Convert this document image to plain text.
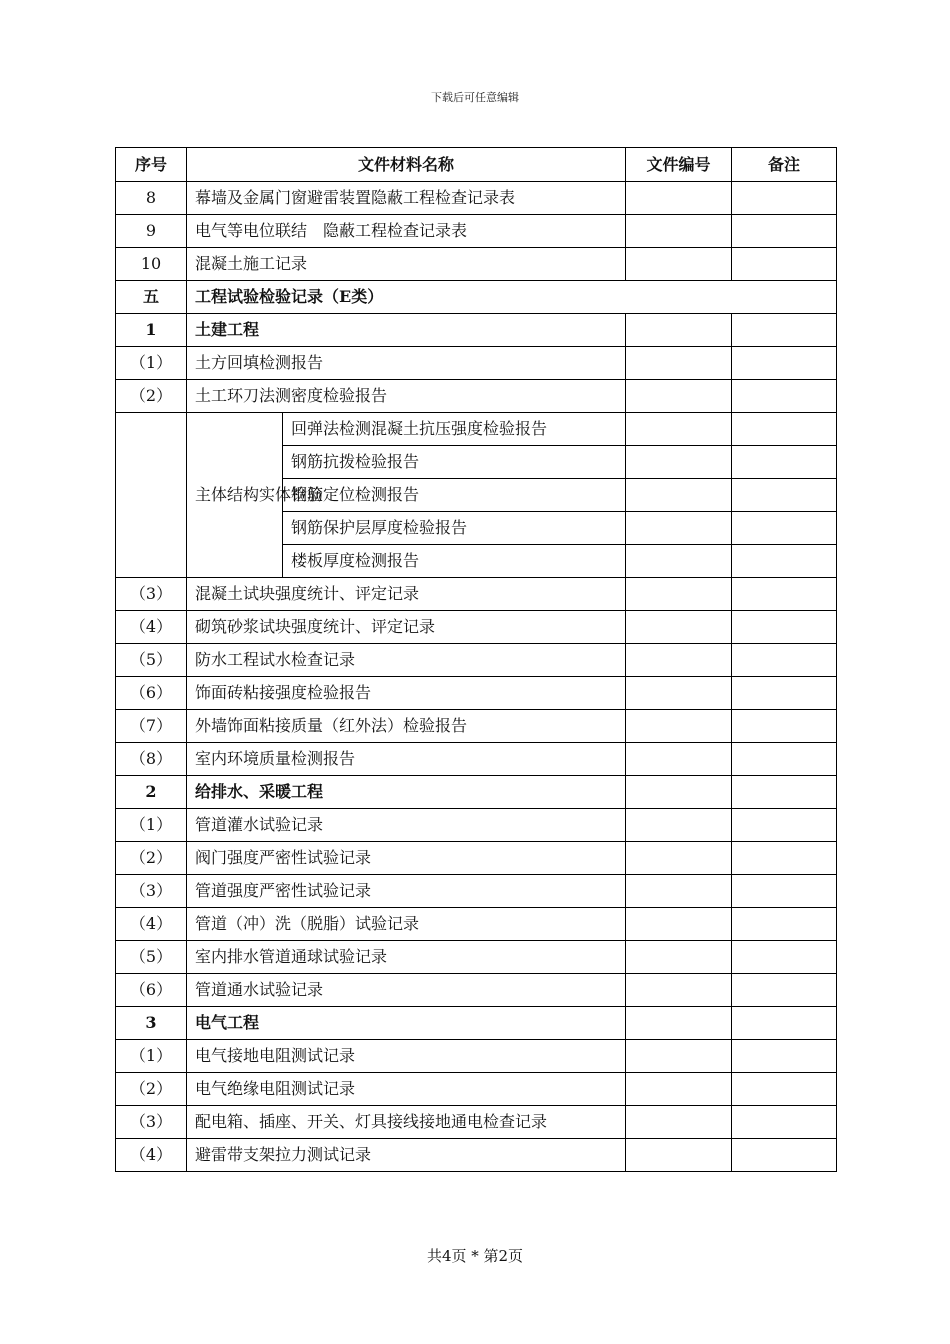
下载后可任意编辑
序号	文件材料名称		文件编号	备注
8	幕墙及金属门窗避雷装置隐蔽工程检查记录表			
9	电气等电位联结　隐蔽工程检查记录表			
10	混凝土施工记录			
五	工程试验检验记录（E类）			
1	土建工程			
（1）	土方回填检测报告			
（2）	土工环刀法测密度检验报告			
	主体结构实体检验	回弹法检测混凝土抗压强度检验报告		
		钢筋抗拨检验报告		
		钢筋定位检测报告		
		钢筋保护层厚度检验报告		
		楼板厚度检测报告		
（3）	混凝土试块强度统计、评定记录			
（4）	砌筑砂浆试块强度统计、评定记录			
（5）	防水工程试水检查记录			
（6）	饰面砖粘接强度检验报告			
（7）	外墙饰面粘接质量（红外法）检验报告			
（8）	室内环境质量检测报告			
2	给排水、采暖工程			
（1）	管道灌水试验记录			
（2）	阀门强度严密性试验记录			
（3）	管道强度严密性试验记录			
（4）	管道（冲）洗（脱脂）试验记录			
（5）	室内排水管道通球试验记录			
（6）	管道通水试验记录			
3	电气工程			
（1）	电气接地电阻测试记录			
（2）	电气绝缘电阻测试记录			
（3）	配电箱、插座、开关、灯具接线接地通电检查记录			
（4）	避雷带支架拉力测试记录			
共4页 * 第2页
